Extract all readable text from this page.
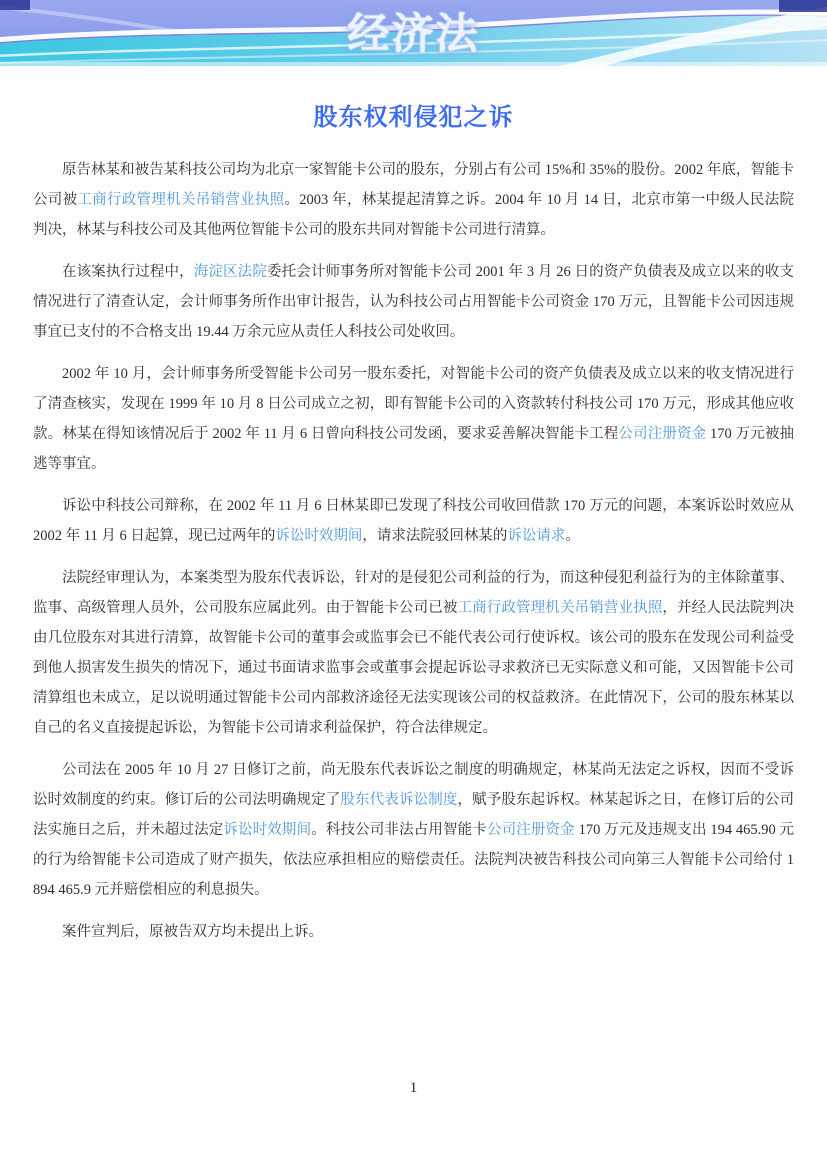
经济法
股东权利侵犯之诉

原告林某和被告某科技公司均为北京一家智能卡公司的股东，分别占有公司 15%和 35%的股份。2002 年底，智能卡公司被工商行政管理机关吊销营业执照。2003 年，林某提起清算之诉。2004 年 10 月 14 日，北京市第一中级人民法院判决，林某与科技公司及其他两位智能卡公司的股东共同对智能卡公司进行清算。

在该案执行过程中，海淀区法院委托会计师事务所对智能卡公司 2001 年 3 月 26 日的资产负债表及成立以来的收支情况进行了清查认定，会计师事务所作出审计报告，认为科技公司占用智能卡公司资金 170 万元，且智能卡公司因违规事宜已支付的不合格支出 19.44 万余元应从责任人科技公司处收回。

2002 年 10 月，会计师事务所受智能卡公司另一股东委托，对智能卡公司的资产负债表及成立以来的收支情况进行了清查核实，发现在 1999 年 10 月 8 日公司成立之初，即有智能卡公司的入资款转付科技公司 170 万元，形成其他应收款。林某在得知该情况后于 2002 年 11 月 6 日曾向科技公司发函，要求妥善解决智能卡工程公司注册资金 170 万元被抽逃等事宜。

诉讼中科技公司辩称，在 2002 年 11 月 6 日林某即已发现了科技公司收回借款 170 万元的问题，本案诉讼时效应从 2002 年 11 月 6 日起算，现已过两年的诉讼时效期间，请求法院驳回林某的诉讼请求。

法院经审理认为，本案类型为股东代表诉讼，针对的是侵犯公司利益的行为，而这种侵犯利益行为的主体除董事、监事、高级管理人员外，公司股东应属此列。由于智能卡公司已被工商行政管理机关吊销营业执照，并经人民法院判决由几位股东对其进行清算，故智能卡公司的董事会或监事会已不能代表公司行使诉权。该公司的股东在发现公司利益受到他人损害发生损失的情况下，通过书面请求监事会或董事会提起诉讼寻求救济已无实际意义和可能，又因智能卡公司清算组也未成立，足以说明通过智能卡公司内部救济途径无法实现该公司的权益救济。在此情况下，公司的股东林某以自己的名义直接提起诉讼，为智能卡公司请求利益保护，符合法律规定。

公司法在 2005 年 10 月 27 日修订之前，尚无股东代表诉讼之制度的明确规定，林某尚无法定之诉权，因而不受诉讼时效制度的约束。修订后的公司法明确规定了股东代表诉讼制度，赋予股东起诉权。林某起诉之日，在修订后的公司法实施日之后，并未超过法定诉讼时效期间。科技公司非法占用智能卡公司注册资金 170 万元及违规支出 194 465.90 元的行为给智能卡公司造成了财产损失，依法应承担相应的赔偿责任。法院判决被告科技公司向第三人智能卡公司给付 1 894 465.9 元并赔偿相应的利息损失。

案件宣判后，原被告双方均未提出上诉。

1
